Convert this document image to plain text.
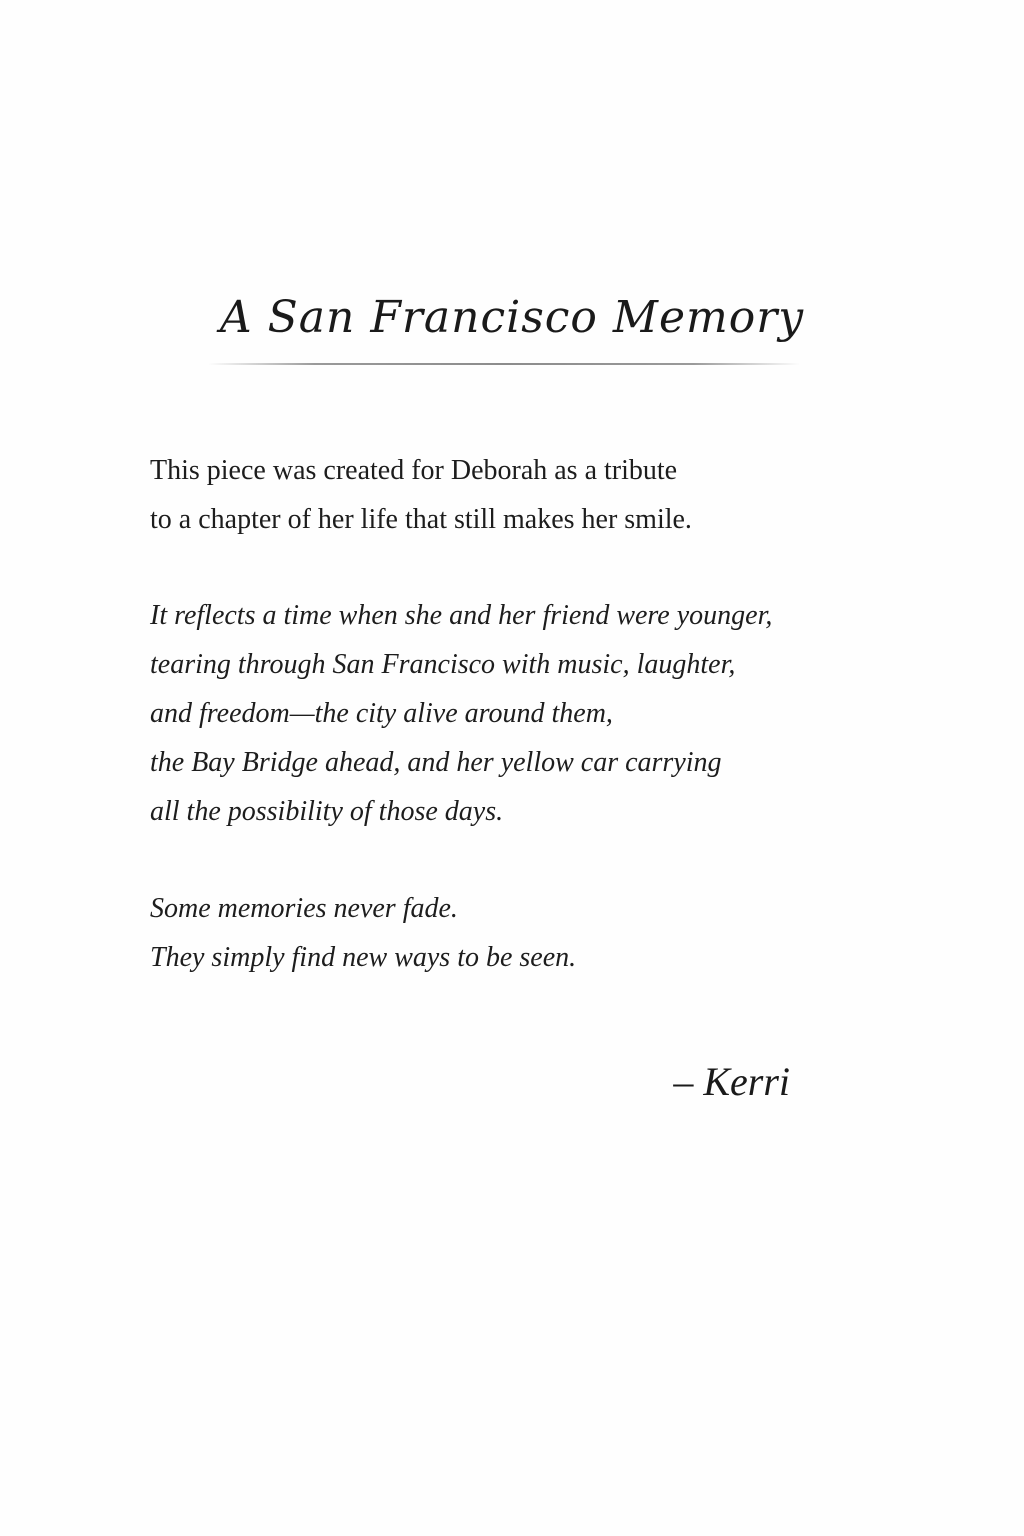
A San Francisco Memory

This piece was created for Deborah as a tribute
to a chapter of her life that still makes her smile.

It reflects a time when she and her friend were younger,
tearing through San Francisco with music, laughter,
and freedom—the city alive around them,
the Bay Bridge ahead, and her yellow car carrying
all the possibility of those days.

Some memories never fade.
They simply find new ways to be seen.

– Kerri
